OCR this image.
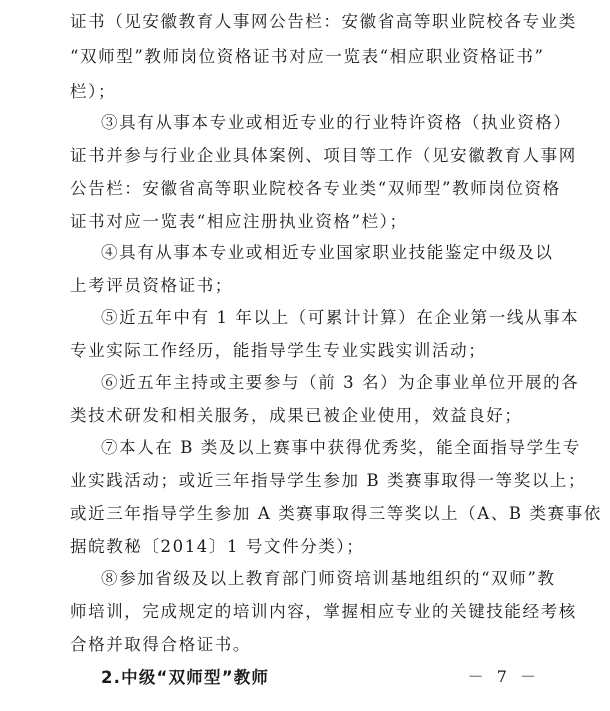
证书（见安徽教育人事网公告栏：安徽省高等职业院校各专业类
“双师型”教师岗位资格证书对应一览表“相应职业资格证书”
栏）；
③具有从事本专业或相近专业的行业特许资格（执业资格）
证书并参与行业企业具体案例、项目等工作（见安徽教育人事网
公告栏：安徽省高等职业院校各专业类“双师型”教师岗位资格
证书对应一览表“相应注册执业资格”栏）；
④具有从事本专业或相近专业国家职业技能鉴定中级及以
上考评员资格证书；
⑤近五年中有 1 年以上（可累计计算）在企业第一线从事本
专业实际工作经历，能指导学生专业实践实训活动；
⑥近五年主持或主要参与（前 3 名）为企事业单位开展的各
类技术研发和相关服务，成果已被企业使用，效益良好；
⑦本人在 B 类及以上赛事中获得优秀奖，能全面指导学生专
业实践活动；或近三年指导学生参加 B 类赛事取得一等奖以上；
或近三年指导学生参加 A 类赛事取得三等奖以上（A、B 类赛事依
据皖教秘〔2014〕1 号文件分类）；
⑧参加省级及以上教育部门师资培训基地组织的“双师”教
师培训，完成规定的培训内容，掌握相应专业的关键技能经考核
合格并取得合格证书。
2.中级“双师型”教师	－ 7 －
